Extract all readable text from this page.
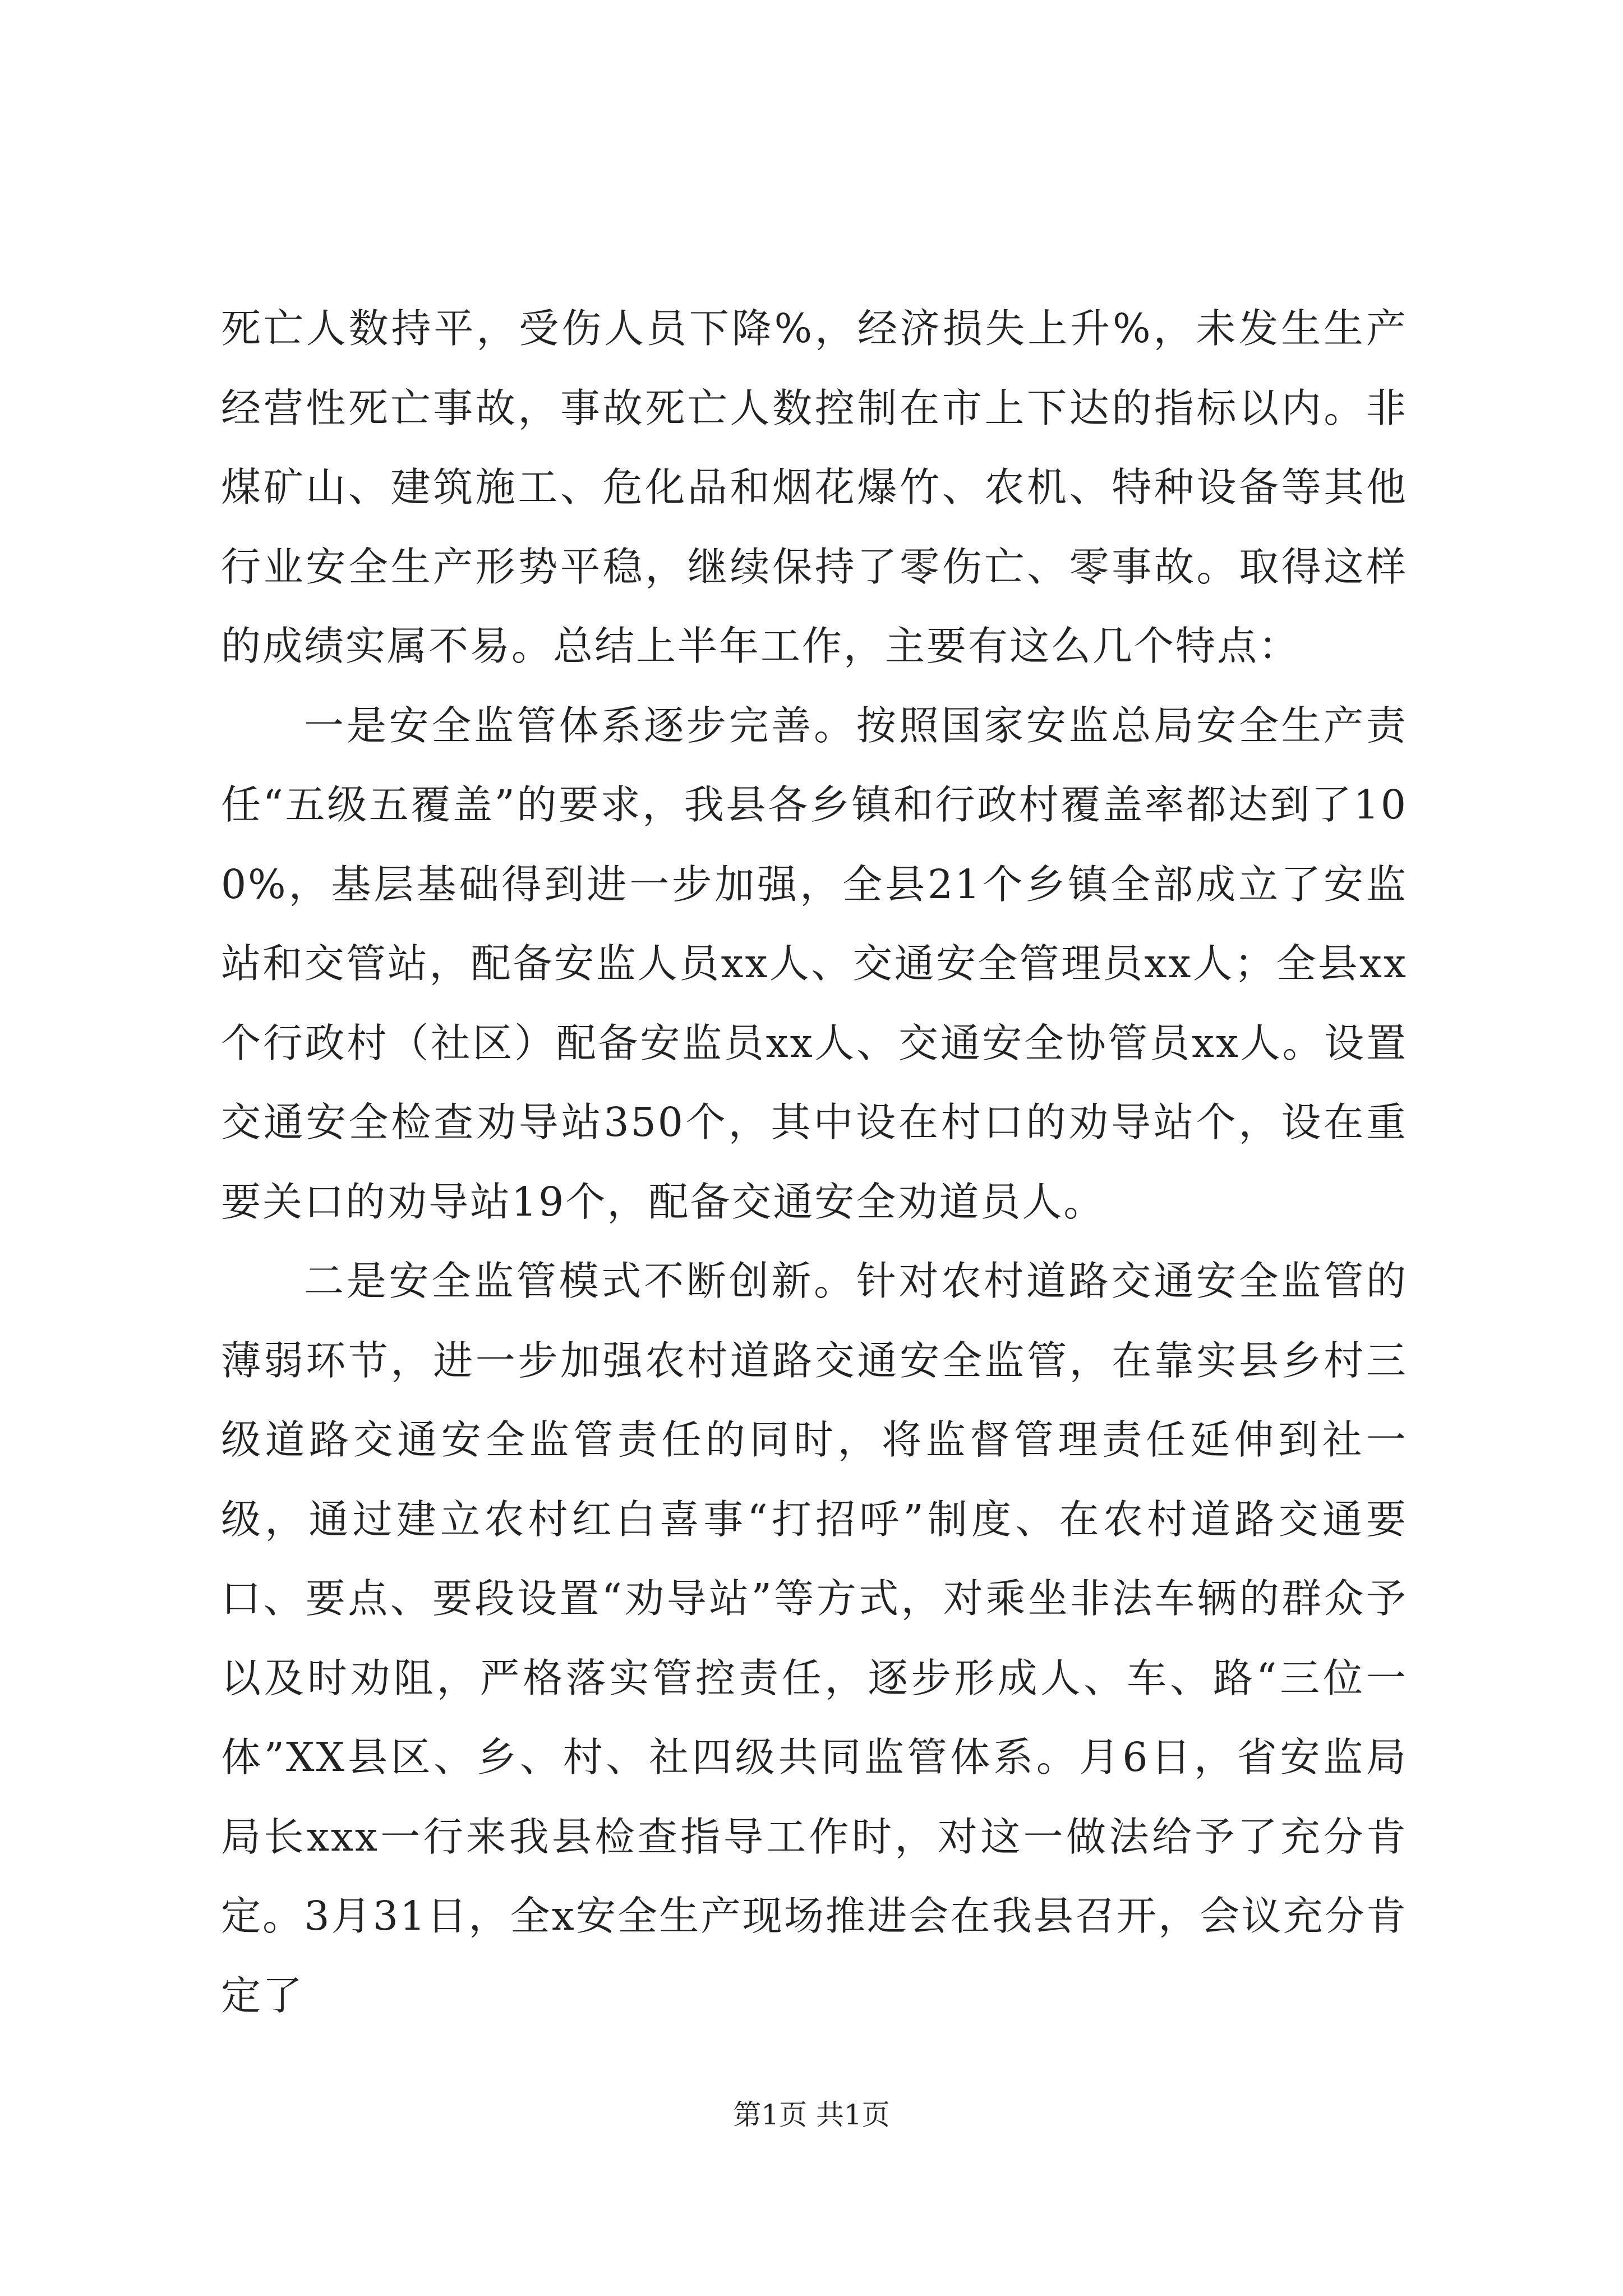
死亡人数持平，受伤人员下降%，经济损失上升%，未发生生产经营性死亡事故，事故死亡人数控制在市上下达的指标以内。非煤矿山、建筑施工、危化品和烟花爆竹、农机、特种设备等其他行业安全生产形势平稳，继续保持了零伤亡、零事故。取得这样的成绩实属不易。总结上半年工作，主要有这么几个特点：

一是安全监管体系逐步完善。按照国家安监总局安全生产责任“五级五覆盖”的要求，我县各乡镇和行政村覆盖率都达到了100%，基层基础得到进一步加强，全县21个乡镇全部成立了安监站和交管站，配备安监人员xx人、交通安全管理员xx人；全县xx个行政村（社区）配备安监员xx人、交通安全协管员xx人。设置交通安全检查劝导站350个，其中设在村口的劝导站个，设在重要关口的劝导站19个，配备交通安全劝道员人。

二是安全监管模式不断创新。针对农村道路交通安全监管的薄弱环节，进一步加强农村道路交通安全监管，在靠实县乡村三级道路交通安全监管责任的同时，将监督管理责任延伸到社一级，通过建立农村红白喜事“打招呼”制度、在农村道路交通要口、要点、要段设置“劝导站”等方式，对乘坐非法车辆的群众予以及时劝阻，严格落实管控责任，逐步形成人、车、路“三位一体”XX县区、乡、村、社四级共同监管体系。月6日，省安监局局长xxx一行来我县检查指导工作时，对这一做法给予了充分肯定。3月31日，全x安全生产现场推进会在我县召开，会议充分肯定了

第1页 共1页
